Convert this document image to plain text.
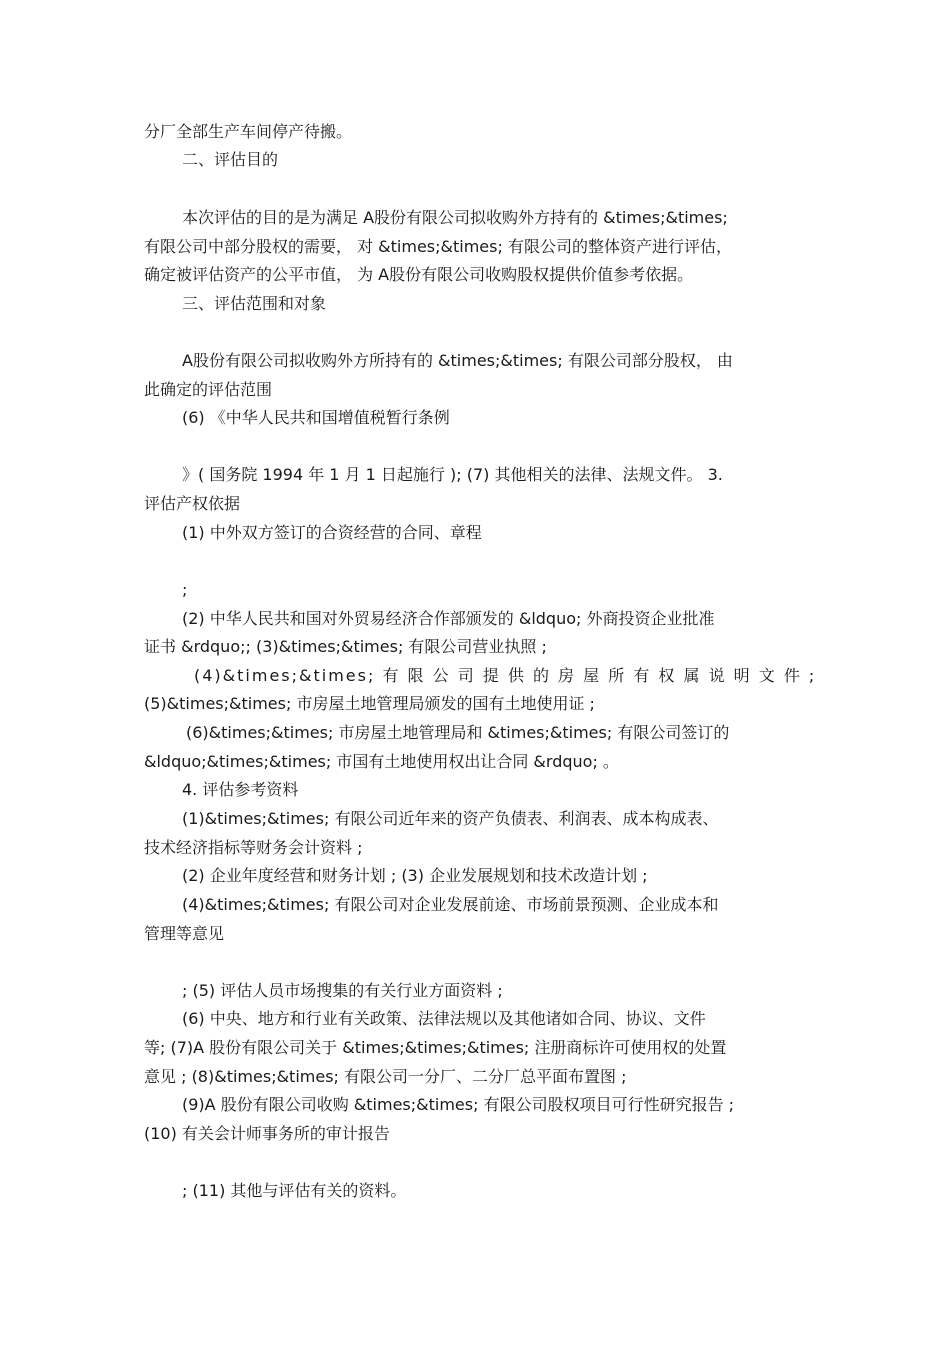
分厂全部生产车间停产待搬。
二、评估目的
本次评估的目的是为满足 A股份有限公司拟收购外方持有的 &times;&times;
有限公司中部分股权的需要， 对 &times;&times; 有限公司的整体资产进行评估，
确定被评估资产的公平市值， 为 A股份有限公司收购股权提供价值参考依据。
三、评估范围和对象
A股份有限公司拟收购外方所持有的 &times;&times; 有限公司部分股权， 由
此确定的评估范围
(6) 《中华人民共和国增值税暂行条例
》( 国务院 1994 年 1 月 1 日起施行 ); (7) 其他相关的法律、法规文件。 3.
评估产权依据
(1) 中外双方签订的合资经营的合同、章程
;
(2) 中华人民共和国对外贸易经济合作部颁发的 &ldquo; 外商投资企业批准
证书 &rdquo;; (3)&times;&times; 有限公司营业执照 ;
(4)&times;&times; 有 限 公 司 提 供 的 房 屋 所 有 权 属 说 明 文 件 ;
(5)&times;&times; 市房屋土地管理局颁发的国有土地使用证 ;
(6)&times;&times; 市房屋土地管理局和 &times;&times; 有限公司签订的
&ldquo;&times;&times; 市国有土地使用权出让合同 &rdquo; 。
4. 评估参考资料
(1)&times;&times; 有限公司近年来的资产负债表、利润表、成本构成表、
技术经济指标等财务会计资料 ;
(2) 企业年度经营和财务计划 ; (3) 企业发展规划和技术改造计划 ;
(4)&times;&times; 有限公司对企业发展前途、市场前景预测、企业成本和
管理等意见
; (5) 评估人员市场搜集的有关行业方面资料 ;
(6) 中央、地方和行业有关政策、法律法规以及其他诸如合同、协议、文件
等; (7)A 股份有限公司关于 &times;&times;&times; 注册商标许可使用权的处置
意见 ; (8)&times;&times; 有限公司一分厂、二分厂总平面布置图 ;
(9)A 股份有限公司收购 &times;&times; 有限公司股权项目可行性研究报告 ;
(10) 有关会计师事务所的审计报告
; (11) 其他与评估有关的资料。
